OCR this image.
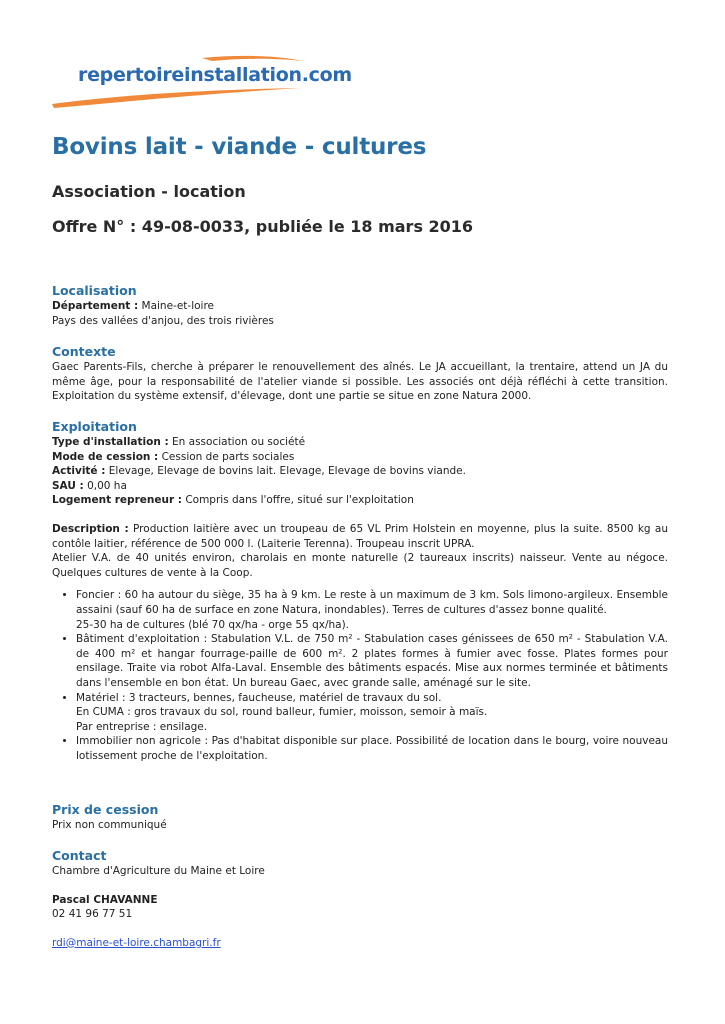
repertoireinstallation.com
Bovins lait - viande - cultures
Association - location
Offre N° : 49-08-0033, publiée le 18 mars 2016
Localisation

Département : Maine-et-loire

Pays des vallées d'anjou, des trois rivières

Contexte

Gaec Parents-Fils, cherche à préparer le renouvellement des aînés. Le JA accueillant, la trentaire, attend un JA du même âge, pour la responsabilité de l'atelier viande si possible. Les associés ont déjà réfléchi à cette transition. Exploitation du système extensif, d'élevage, dont une partie se situe en zone Natura 2000.

Exploitation

Type d'installation : En association ou société

Mode de cession : Cession de parts sociales

Activité : Elevage, Elevage de bovins lait. Elevage, Elevage de bovins viande.

SAU : 0,00 ha

Logement repreneur : Compris dans l'offre, situé sur l'exploitation

Description : Production laitière avec un troupeau de 65 VL Prim Holstein en moyenne, plus la suite. 8500 kg au contôle laitier, référence de 500 000 l. (Laiterie Terenna). Troupeau inscrit UPRA.

Atelier V.A. de 40 unités environ, charolais en monte naturelle (2 taureaux inscrits) naisseur. Vente au négoce. Quelques cultures de vente à la Coop.

• Foncier : 60 ha autour du siège, 35 ha à 9 km. Le reste à un maximum de 3 km. Sols limono-argileux. Ensemble assaini (sauf 60 ha de surface en zone Natura, inondables). Terres de cultures d'assez bonne qualité.
25-30 ha de cultures (blé 70 qx/ha - orge 55 qx/ha).
• Bâtiment d'exploitation : Stabulation V.L. de 750 m² - Stabulation cases génissees de 650 m² - Stabulation V.A. de 400 m² et hangar fourrage-paille de 600 m². 2 plates formes à fumier avec fosse. Plates formes pour ensilage. Traite via robot Alfa-Laval. Ensemble des bâtiments espacés. Mise aux normes terminée et bâtiments dans l'ensemble en bon état. Un bureau Gaec, avec grande salle, aménagé sur le site.
• Matériel : 3 tracteurs, bennes, faucheuse, matériel de travaux du sol.
En CUMA : gros travaux du sol, round balleur, fumier, moisson, semoir à maïs.
Par entreprise : ensilage.
• Immobilier non agricole : Pas d'habitat disponible sur place. Possibilité de location dans le bourg, voire nouveau lotissement proche de l'exploitation.
Prix de cession

Prix non communiqué

Contact

Chambre d'Agriculture du Maine et Loire

Pascal CHAVANNE

02 41 96 77 51

rdi@maine-et-loire.chambagri.fr
